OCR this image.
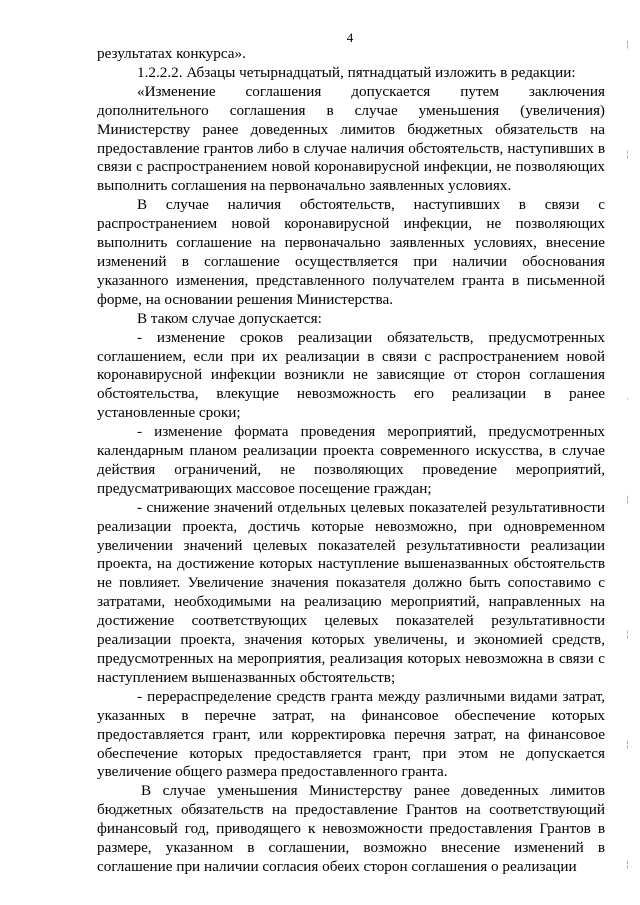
4

результатах конкурса».

1.2.2.2. Абзацы четырнадцатый, пятнадцатый изложить в редакции:

«Изменение соглашения допускается путем заключения дополнительного соглашения в случае уменьшения (увеличения) Министерству ранее доведенных лимитов бюджетных обязательств на предоставление грантов либо в случае наличия обстоятельств, наступивших в связи с распространением новой коронавирусной инфекции, не позволяющих выполнить соглашения на первоначально заявленных условиях.

В случае наличия обстоятельств, наступивших в связи с распространением новой коронавирусной инфекции, не позволяющих выполнить соглашение на первоначально заявленных условиях, внесение изменений в соглашение осуществляется при наличии обоснования указанного изменения, представленного получателем гранта в письменной форме, на основании решения Министерства.

В таком случае допускается:

- изменение сроков реализации обязательств, предусмотренных соглашением, если при их реализации в связи с распространением новой коронавирусной инфекции возникли не зависящие от сторон соглашения обстоятельства, влекущие невозможность его реализации в ранее установленные сроки;

- изменение формата проведения мероприятий, предусмотренных календарным планом реализации проекта современного искусства, в случае действия ограничений, не позволяющих проведение мероприятий, предусматривающих массовое посещение граждан;

- снижение значений отдельных целевых показателей результативности реализации проекта, достичь которые невозможно, при одновременном увеличении значений целевых показателей результативности реализации проекта, на достижение которых наступление вышеназванных обстоятельств не повлияет. Увеличение значения показателя должно быть сопоставимо с затратами, необходимыми на реализацию мероприятий, направленных на достижение соответствующих целевых показателей результативности реализации проекта, значения которых увеличены, и экономией средств, предусмотренных на мероприятия, реализация которых невозможна в связи с наступлением вышеназванных обстоятельств;

- перераспределение средств гранта между различными видами затрат, указанных в перечне затрат, на финансовое обеспечение которых предоставляется грант, или корректировка перечня затрат, на финансовое обеспечение которых предоставляется грант, при этом не допускается увеличение общего размера предоставленного гранта.

В случае уменьшения Министерству ранее доведенных лимитов бюджетных обязательств на предоставление Грантов на соответствующий финансовый год, приводящего к невозможности предоставления Грантов в размере, указанном в соглашении, возможно внесение изменений в соглашение при наличии согласия обеих сторон соглашения о реализации

¦
¦
·
¦
¦
¦
¦
